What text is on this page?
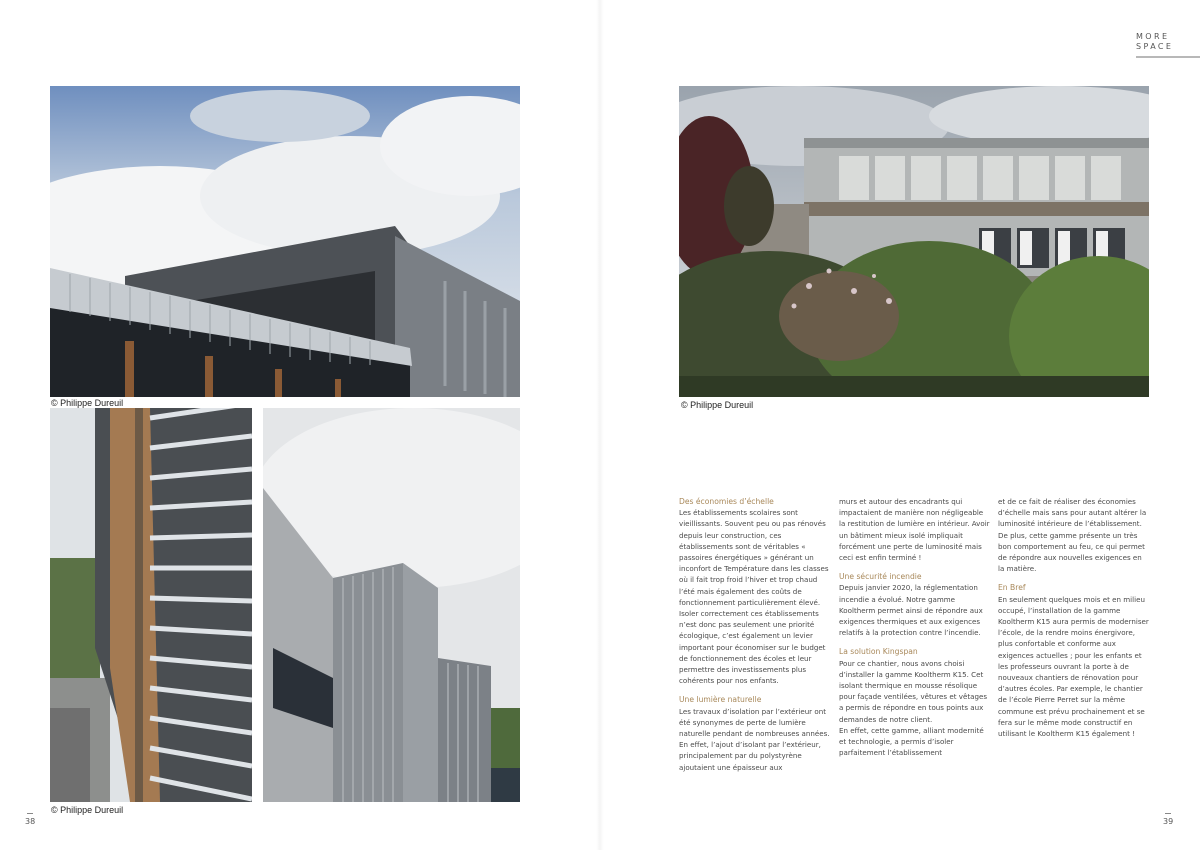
© Philippe Dureuil
© Philippe Dureuil
38
MORE
SPACE
© Philippe Dureuil
Des économies d’échelle

Les établissements scolaires sont vieillissants. Souvent peu ou pas rénovés depuis leur construction, ces établissements sont de véritables « passoires énergétiques » générant un inconfort de Température dans les classes où il fait trop froid l’hiver et trop chaud l’été mais également des coûts de fonctionnement particulièrement élevé. Isoler correctement ces établissements n’est donc pas seulement une priorité écologique, c’est également un levier important pour économiser sur le budget de fonctionnement des écoles et leur permettre des investissements plus cohérents pour nos enfants.

Une lumière naturelle

Les travaux d’isolation par l’extérieur ont été synonymes de perte de lumière naturelle pendant de nombreuses années. En effet, l’ajout d’isolant par l’extérieur, principalement par du polystyrène ajoutaient une épaisseur aux

murs et autour des encadrants qui impactaient de manière non négligeable la restitution de lumière en intérieur. Avoir un bâtiment mieux isolé impliquait forcément une perte de luminosité mais ceci est enfin terminé !

Une sécurité incendie

Depuis janvier 2020, la réglementation incendie a évolué. Notre gamme Kooltherm permet ainsi de répondre aux exigences thermiques et aux exigences relatifs à la protection contre l’incendie.

La solution Kingspan

Pour ce chantier, nous avons choisi d’installer la gamme Kooltherm K15. Cet isolant thermique en mousse résolique pour façade ventilées, vêtures et vêtages a permis de répondre en tous points aux demandes de notre client.

En effet, cette gamme, alliant modernité et technologie, a permis d’isoler parfaitement l’établissement

et de ce fait de réaliser des économies d’échelle mais sans pour autant altérer la luminosité intérieure de l’établissement. De plus, cette gamme présente un très bon comportement au feu, ce qui permet de répondre aux nouvelles exigences en la matière.

En Bref

En seulement quelques mois et en milieu occupé, l’installation de la gamme Kooltherm K15 aura permis de moderniser l’école, de la rendre moins énergivore, plus confortable et conforme aux exigences actuelles ; pour les enfants et les professeurs ouvrant la porte à de nouveaux chantiers de rénovation pour d’autres écoles. Par exemple, le chantier de l’école Pierre Perret sur la même commune est prévu prochainement et se fera sur le même mode constructif en utilisant le Kooltherm K15 également !

39
